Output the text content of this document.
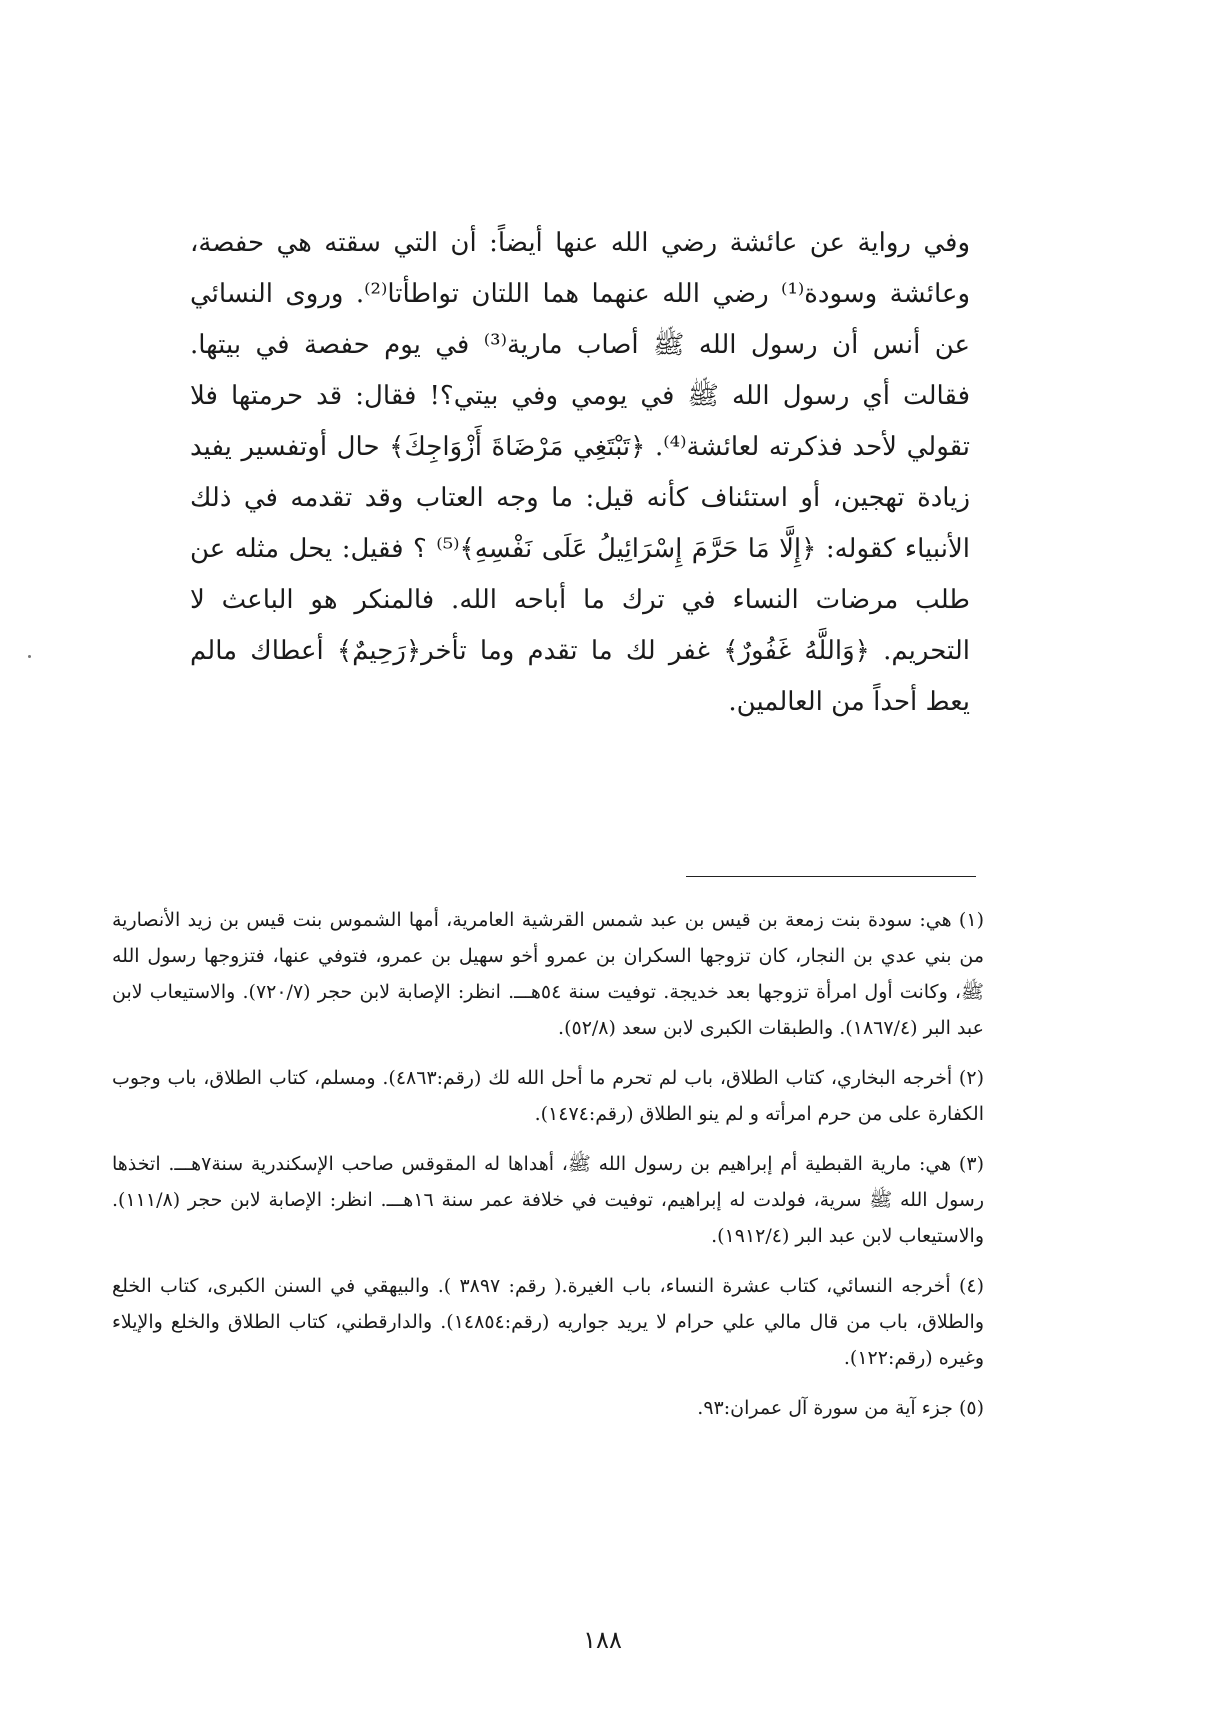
وفي رواية عن عائشة رضي الله عنها أيضاً: أن التي سقته هي حفصة، وعائشة وسودة⁽¹⁾ رضي الله عنهما هما اللتان تواطأتا⁽²⁾. وروى النسائي عن أنس أن رسول الله ﷺ أصاب مارية⁽³⁾ في يوم حفصة في بيتها. فقالت أي رسول الله ﷺ في يومي وفي بيتي؟! فقال: قد حرمتها فلا تقولي لأحد فذكرته لعائشة⁽⁴⁾. ﴿تَبْتَغِي مَرْضَاةَ أَزْوَاجِكَ﴾ حال أوتفسير يفيد زيادة تهجين، أو استئناف كأنه قيل: ما وجه العتاب وقد تقدمه في ذلك الأنبياء كقوله: ﴿إِلَّا مَا حَرَّمَ إِسْرَائِيلُ عَلَى نَفْسِهِ﴾⁽⁵⁾ ؟ فقيل: يحل مثله عن طلب مرضات النساء في ترك ما أباحه الله. فالمنكر هو الباعث لا التحريم. ﴿وَاللَّهُ غَفُورٌ﴾ غفر لك ما تقدم وما تأخر﴿رَحِيمٌ﴾ أعطاك مالم يعط أحداً من العالمين.

(١) هي: سودة بنت زمعة بن قيس بن عبد شمس القرشية العامرية، أمها الشموس بنت قيس بن زيد الأنصارية من بني عدي بن النجار، كان تزوجها السكران بن عمرو أخو سهيل بن عمرو، فتوفي عنها، فتزوجها رسول الله ﷺ، وكانت أول امرأة تزوجها بعد خديجة. توفيت سنة ٥٤هـــ. انظر: الإصابة لابن حجر (٧٢٠/٧). والاستيعاب لابن عبد البر (١٨٦٧/٤). والطبقات الكبرى لابن سعد (٥٢/٨).

(٢) أخرجه البخاري، كتاب الطلاق، باب لم تحرم ما أحل الله لك (رقم:٤٨٦٣). ومسلم، كتاب الطلاق، باب وجوب الكفارة على من حرم امرأته و لم ينو الطلاق (رقم:١٤٧٤).

(٣) هي: مارية القبطية أم إبراهيم بن رسول الله ﷺ، أهداها له المقوقس صاحب الإسكندرية سنة٧هـــ. اتخذها رسول الله ﷺ سرية، فولدت له إبراهيم، توفيت في خلافة عمر سنة ١٦هـــ. انظر: الإصابة لابن حجر (١١١/٨). والاستيعاب لابن عبد البر (١٩١٢/٤).

(٤) أخرجه النسائي، كتاب عشرة النساء، باب الغيرة.( رقم: ٣٨٩٧ ). والبيهقي في السنن الكبرى، كتاب الخلع والطلاق، باب من قال مالي علي حرام لا يريد جواريه (رقم:١٤٨٥٤). والدارقطني، كتاب الطلاق والخلع والإيلاء وغيره (رقم:١٢٢).

(٥) جزء آية من سورة آل عمران:٩٣.

١٨٨
